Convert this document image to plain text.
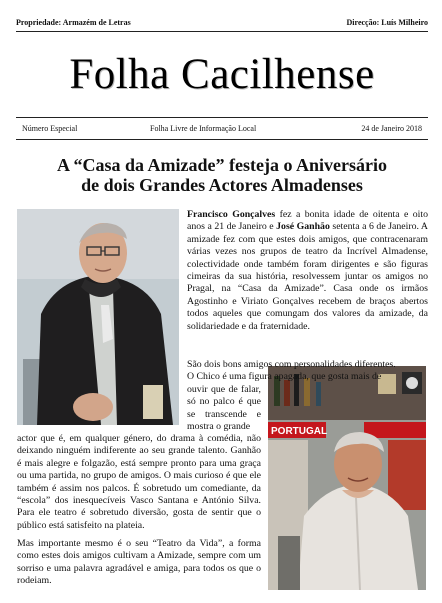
Propriedade: Armazém de Letras	Direcção: Luís Milheiro
Folha Cacilhense
Número Especial	Folha Livre de Informação Local	24 de Janeiro 2018
A “Casa da Amizade” festeja o Aniversário
de dois Grandes Actores Almadenses
PORTUGAL

Francisco Gonçalves fez a bonita idade de oitenta e oito anos a 21 de Janeiro e José Ganhão setenta a 6 de Janeiro. A amizade fez com que estes dois amigos, que contracenaram várias vezes nos grupos de teatro da Incrível Almadense, colectividade onde também foram dirigentes e são figuras cimeiras da sua história, resolvessem juntar os amigos no Pragal, na “Casa da Amizade”. Casa onde os irmãos Agostinho e Viriato Gonçalves recebem de braços abertos todos aqueles que comungam dos valores da amizade, da solidariedade e da fraternidade.

São dois bons amigos com personalidades diferentes.

O Chico é uma figura apagada, que gosta mais de

ouvir que de falar, só no palco é que se transcende e mostra o grande

actor que é, em qualquer género, do drama à comédia, não deixando ninguém indiferente ao seu grande talento. Ganhão é mais alegre e folgazão, está sempre pronto para uma graça ou uma partida, no grupo de amigos. O mais curioso é que ele também é assim nos palcos. É sobretudo um comediante, da “escola” dos inesquecíveis Vasco Santana e António Silva. Para ele teatro é sobretudo diversão, gosta de sentir que o público está satisfeito na plateia.

Mas importante mesmo é o seu “Teatro da Vida”, a forma como estes dois amigos cultivam a Amizade, sempre com um sorriso e uma palavra agradável e amiga, para todos os que o rodeiam.
